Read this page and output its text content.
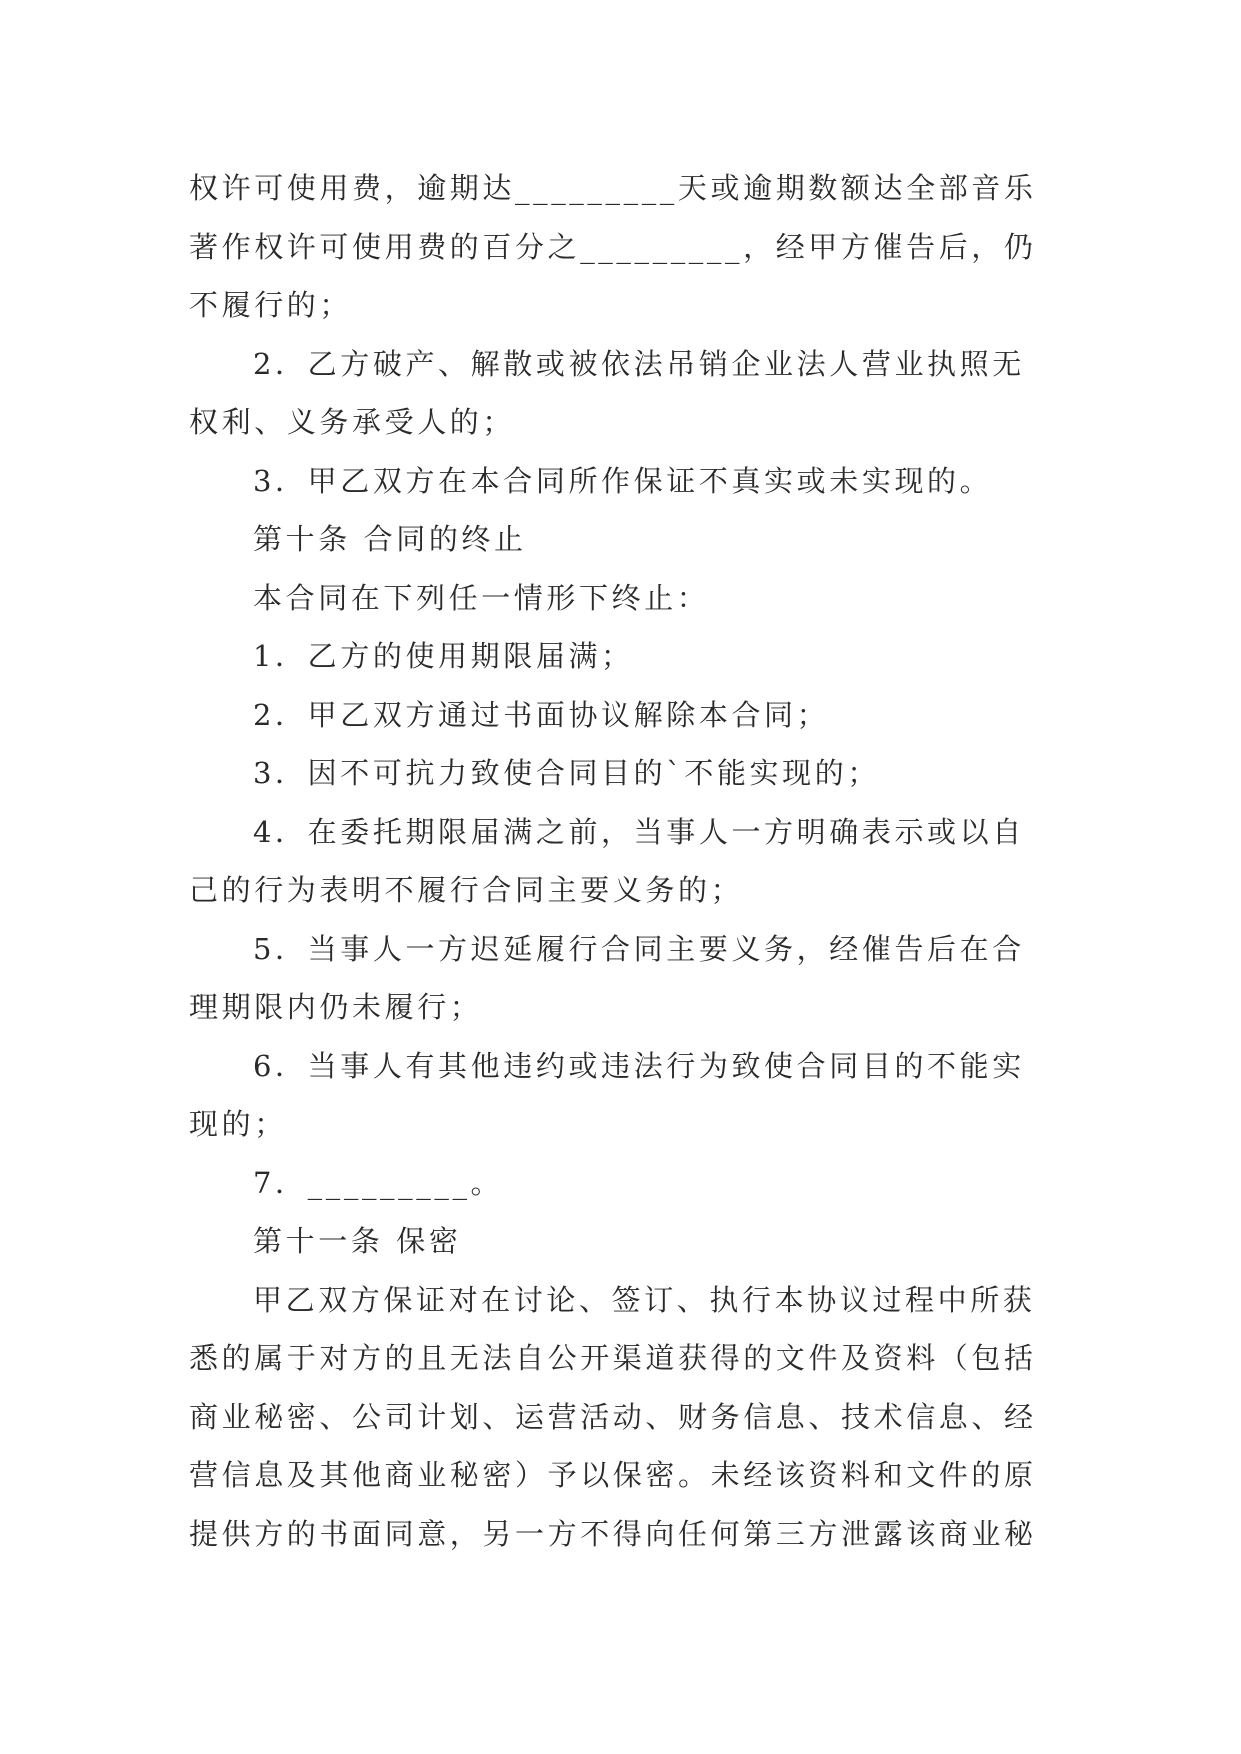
权许可使用费，逾期达_________天或逾期数额达全部音乐
著作权许可使用费的百分之_________，经甲方催告后，仍
不履行的；
2．乙方破产、解散或被依法吊销企业法人营业执照无
权利、义务承受人的；
3．甲乙双方在本合同所作保证不真实或未实现的。
第十条 合同的终止
本合同在下列任一情形下终止：
1．乙方的使用期限届满；
2．甲乙双方通过书面协议解除本合同；
3．因不可抗力致使合同目的`不能实现的；
4．在委托期限届满之前，当事人一方明确表示或以自
己的行为表明不履行合同主要义务的；
5．当事人一方迟延履行合同主要义务，经催告后在合
理期限内仍未履行；
6．当事人有其他违约或违法行为致使合同目的不能实
现的；
7．_________。
第十一条 保密
甲乙双方保证对在讨论、签订、执行本协议过程中所获
悉的属于对方的且无法自公开渠道获得的文件及资料（包括
商业秘密、公司计划、运营活动、财务信息、技术信息、经
营信息及其他商业秘密）予以保密。未经该资料和文件的原
提供方的书面同意，另一方不得向任何第三方泄露该商业秘
